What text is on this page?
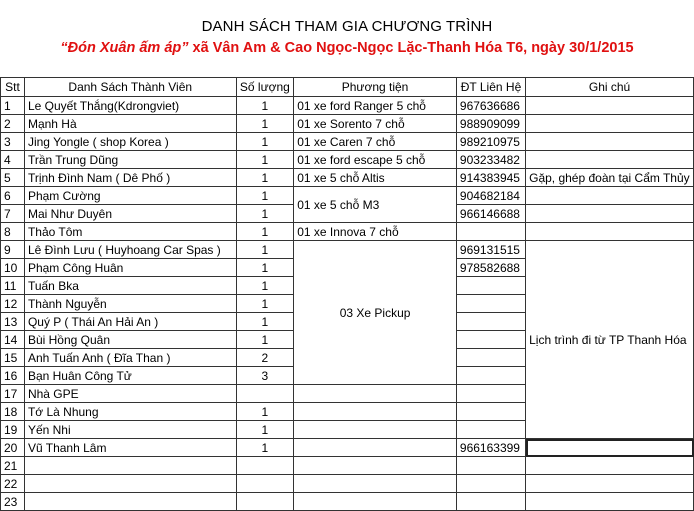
DANH SÁCH THAM GIA CHƯƠNG TRÌNH
“Đón Xuân ấm áp” xã Vân Am & Cao Ngọc-Ngọc Lặc-Thanh Hóa T6, ngày 30/1/2015
Stt	Danh Sách Thành Viên	Số lượng	Phương tiện	ĐT Liên Hệ	Ghi chú
1	Le Quyết Thắng(Kdrongviet)	1	01 xe ford Ranger 5 chỗ	967636686	
2	Mạnh Hà	1	01 xe Sorento 7 chỗ	988909099	
3	Jing Yongle ( shop Korea )	1	01 xe Caren 7 chỗ	989210975	
4	Trần Trung Dũng	1	01 xe ford escape 5 chỗ	903233482	
5	Trịnh Đình Nam ( Dê Phố )	1	01 xe 5 chỗ Altis	914383945	Gặp, ghép đoàn tại Cẩm Thủy
6	Phạm Cường	1	01 xe 5 chỗ M3	904682184	
7	Mai Như Duyên	1		966146688	
8	Thảo Tôm	1	01 xe Innova 7 chỗ		
9	Lê Đình Lưu ( Huyhoang Car Spas )	1	03 Xe Pickup	969131515	Lịch trình đi từ TP Thanh Hóa
10	Phạm Công Huân	1		978582688	
11	Tuấn Bka	1			
12	Thành Nguyễn	1			
13	Quý P ( Thái An Hải An )	1			
14	Bùi Hồng Quân	1			
15	Anh Tuấn Anh ( Đĩa Than )	2			
16	Bạn Huân Công Tử	3			
17	Nhà GPE				
18	Tớ Là Nhung	1			
19	Yến Nhi	1			
20	Vũ Thanh Lâm	1		966163399	
21					
22					
23					
